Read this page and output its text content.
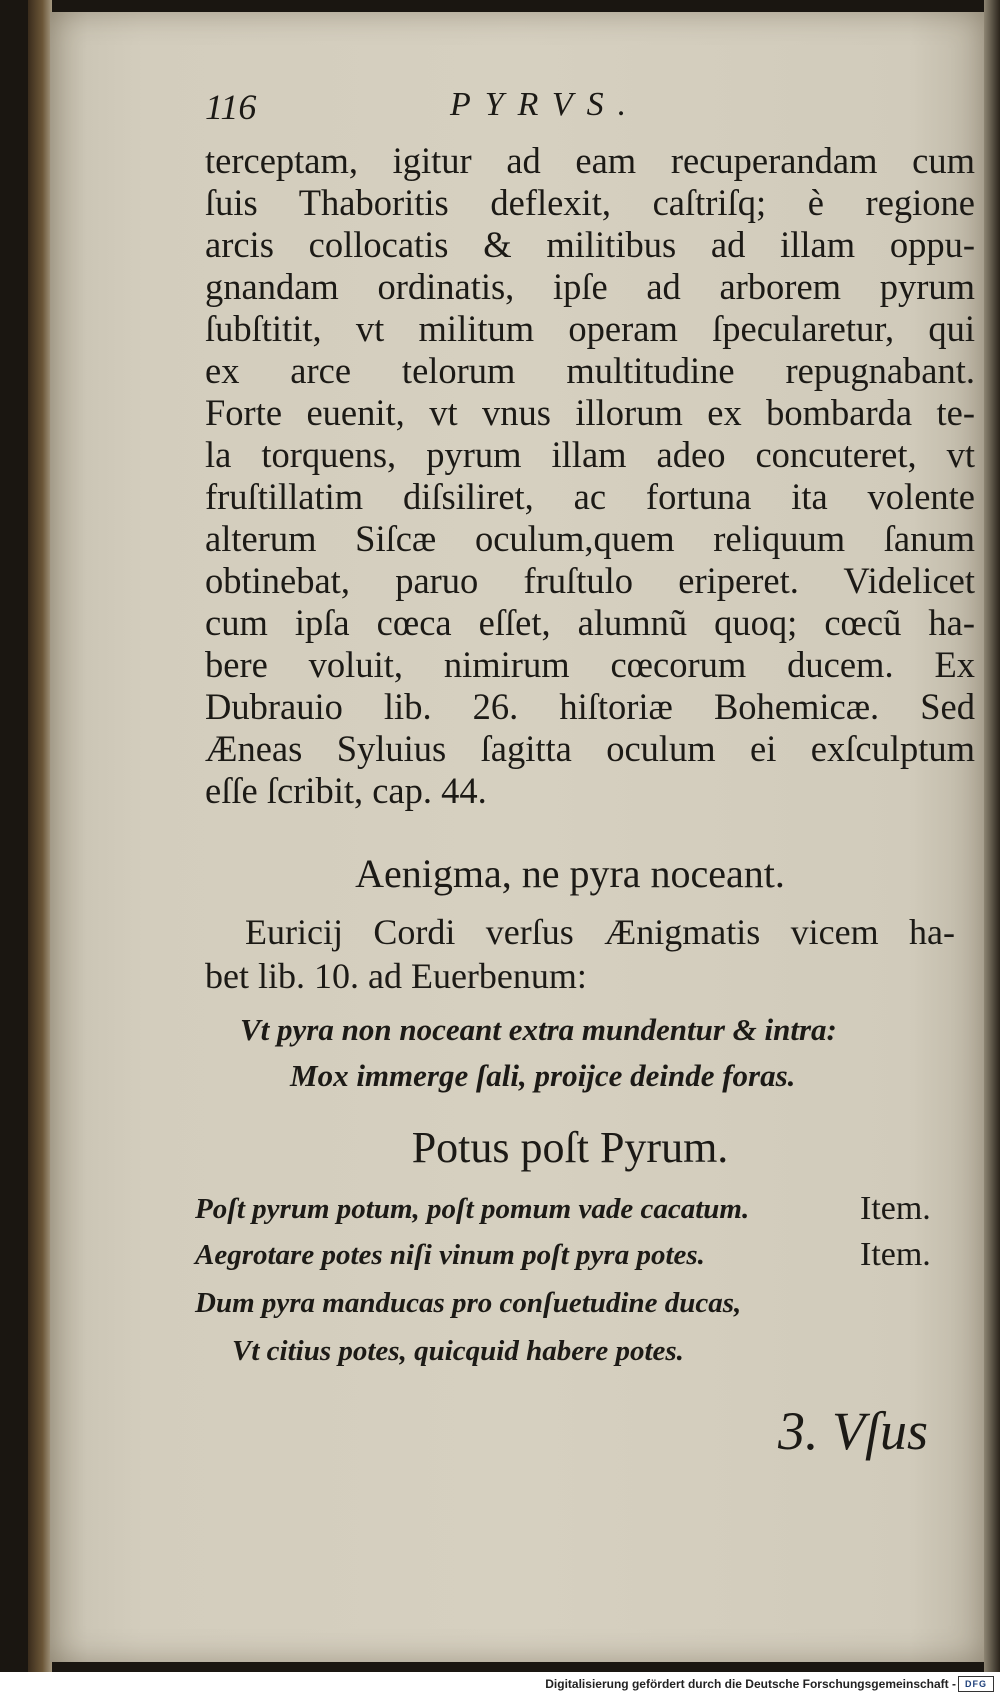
116	PYRVS.
terceptam, igitur ad eam recuperandam cum
ſuis Thaboritis deflexit, caſtriſq; è regione
arcis collocatis & militibus ad illam oppu-
gnandam ordinatis, ipſe ad arborem pyrum
ſubſtitit, vt militum operam ſpecularetur, qui
ex arce telorum multitudine repugnabant.
Forte euenit, vt vnus illorum ex bombarda te-
la torquens, pyrum illam adeo concuteret, vt
fruſtillatim diſsiliret, ac fortuna ita volente
alterum Siſcæ oculum,quem reliquum ſanum
obtinebat, paruo fruſtulo eriperet. Videlicet
cum ipſa cœca eſſet, alumnũ quoq; cœcũ ha-
bere voluit, nimirum cœcorum ducem. Ex
Dubrauio lib. 26. hiſtoriæ Bohemicæ. Sed
Æneas Syluius ſagitta oculum ei exſculptum
eſſe ſcribit, cap. 44.
Aenigma, ne pyra noceant.
Euricij Cordi verſus Ænigmatis vicem ha-
bet lib. 10. ad Euerbenum:
Vt pyra non noceant extra mundentur & intra:
Mox immerge ſali, proijce deinde foras.
Potus poſt Pyrum.
Poſt pyrum potum, poſt pomum vade cacatum.	Item.
Aegrotare potes niſi vinum poſt pyra potes.	Item.
Dum pyra manducas pro conſuetudine ducas,
Vt citius potes, quicquid habere potes.
3. Vſus
Digitalisierung gefördert durch die Deutsche Forschungsgemeinschaft -	DFG
